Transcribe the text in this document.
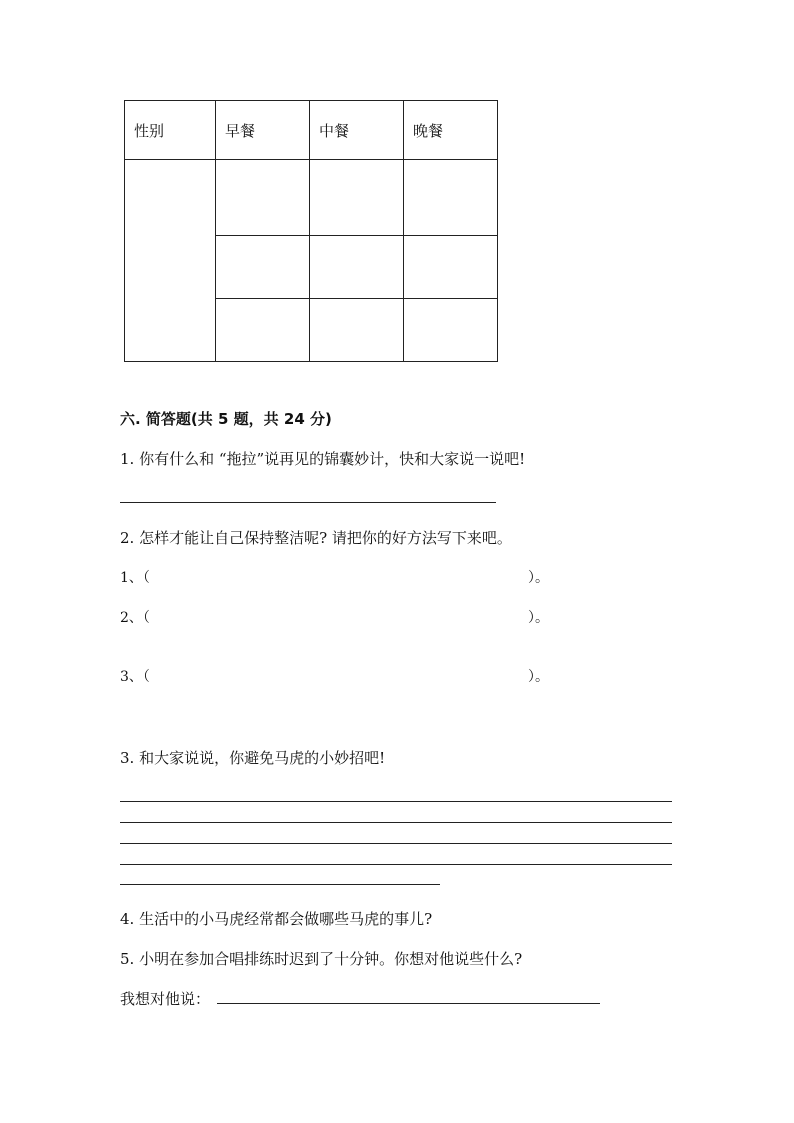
性别	早餐	中餐	晚餐

六. 简答题(共 5 题，共 24 分)
1. 你有什么和 “拖拉”说再见的锦囊妙计，快和大家说一说吧!
2. 怎样才能让自己保持整洁呢? 请把你的好方法写下来吧。
1、（	）。
2、（	）。
3、（	）。
3. 和大家说说，你避免马虎的小妙招吧!
4. 生活中的小马虎经常都会做哪些马虎的事儿?
5. 小明在参加合唱排练时迟到了十分钟。你想对他说些什么?
我想对他说：
